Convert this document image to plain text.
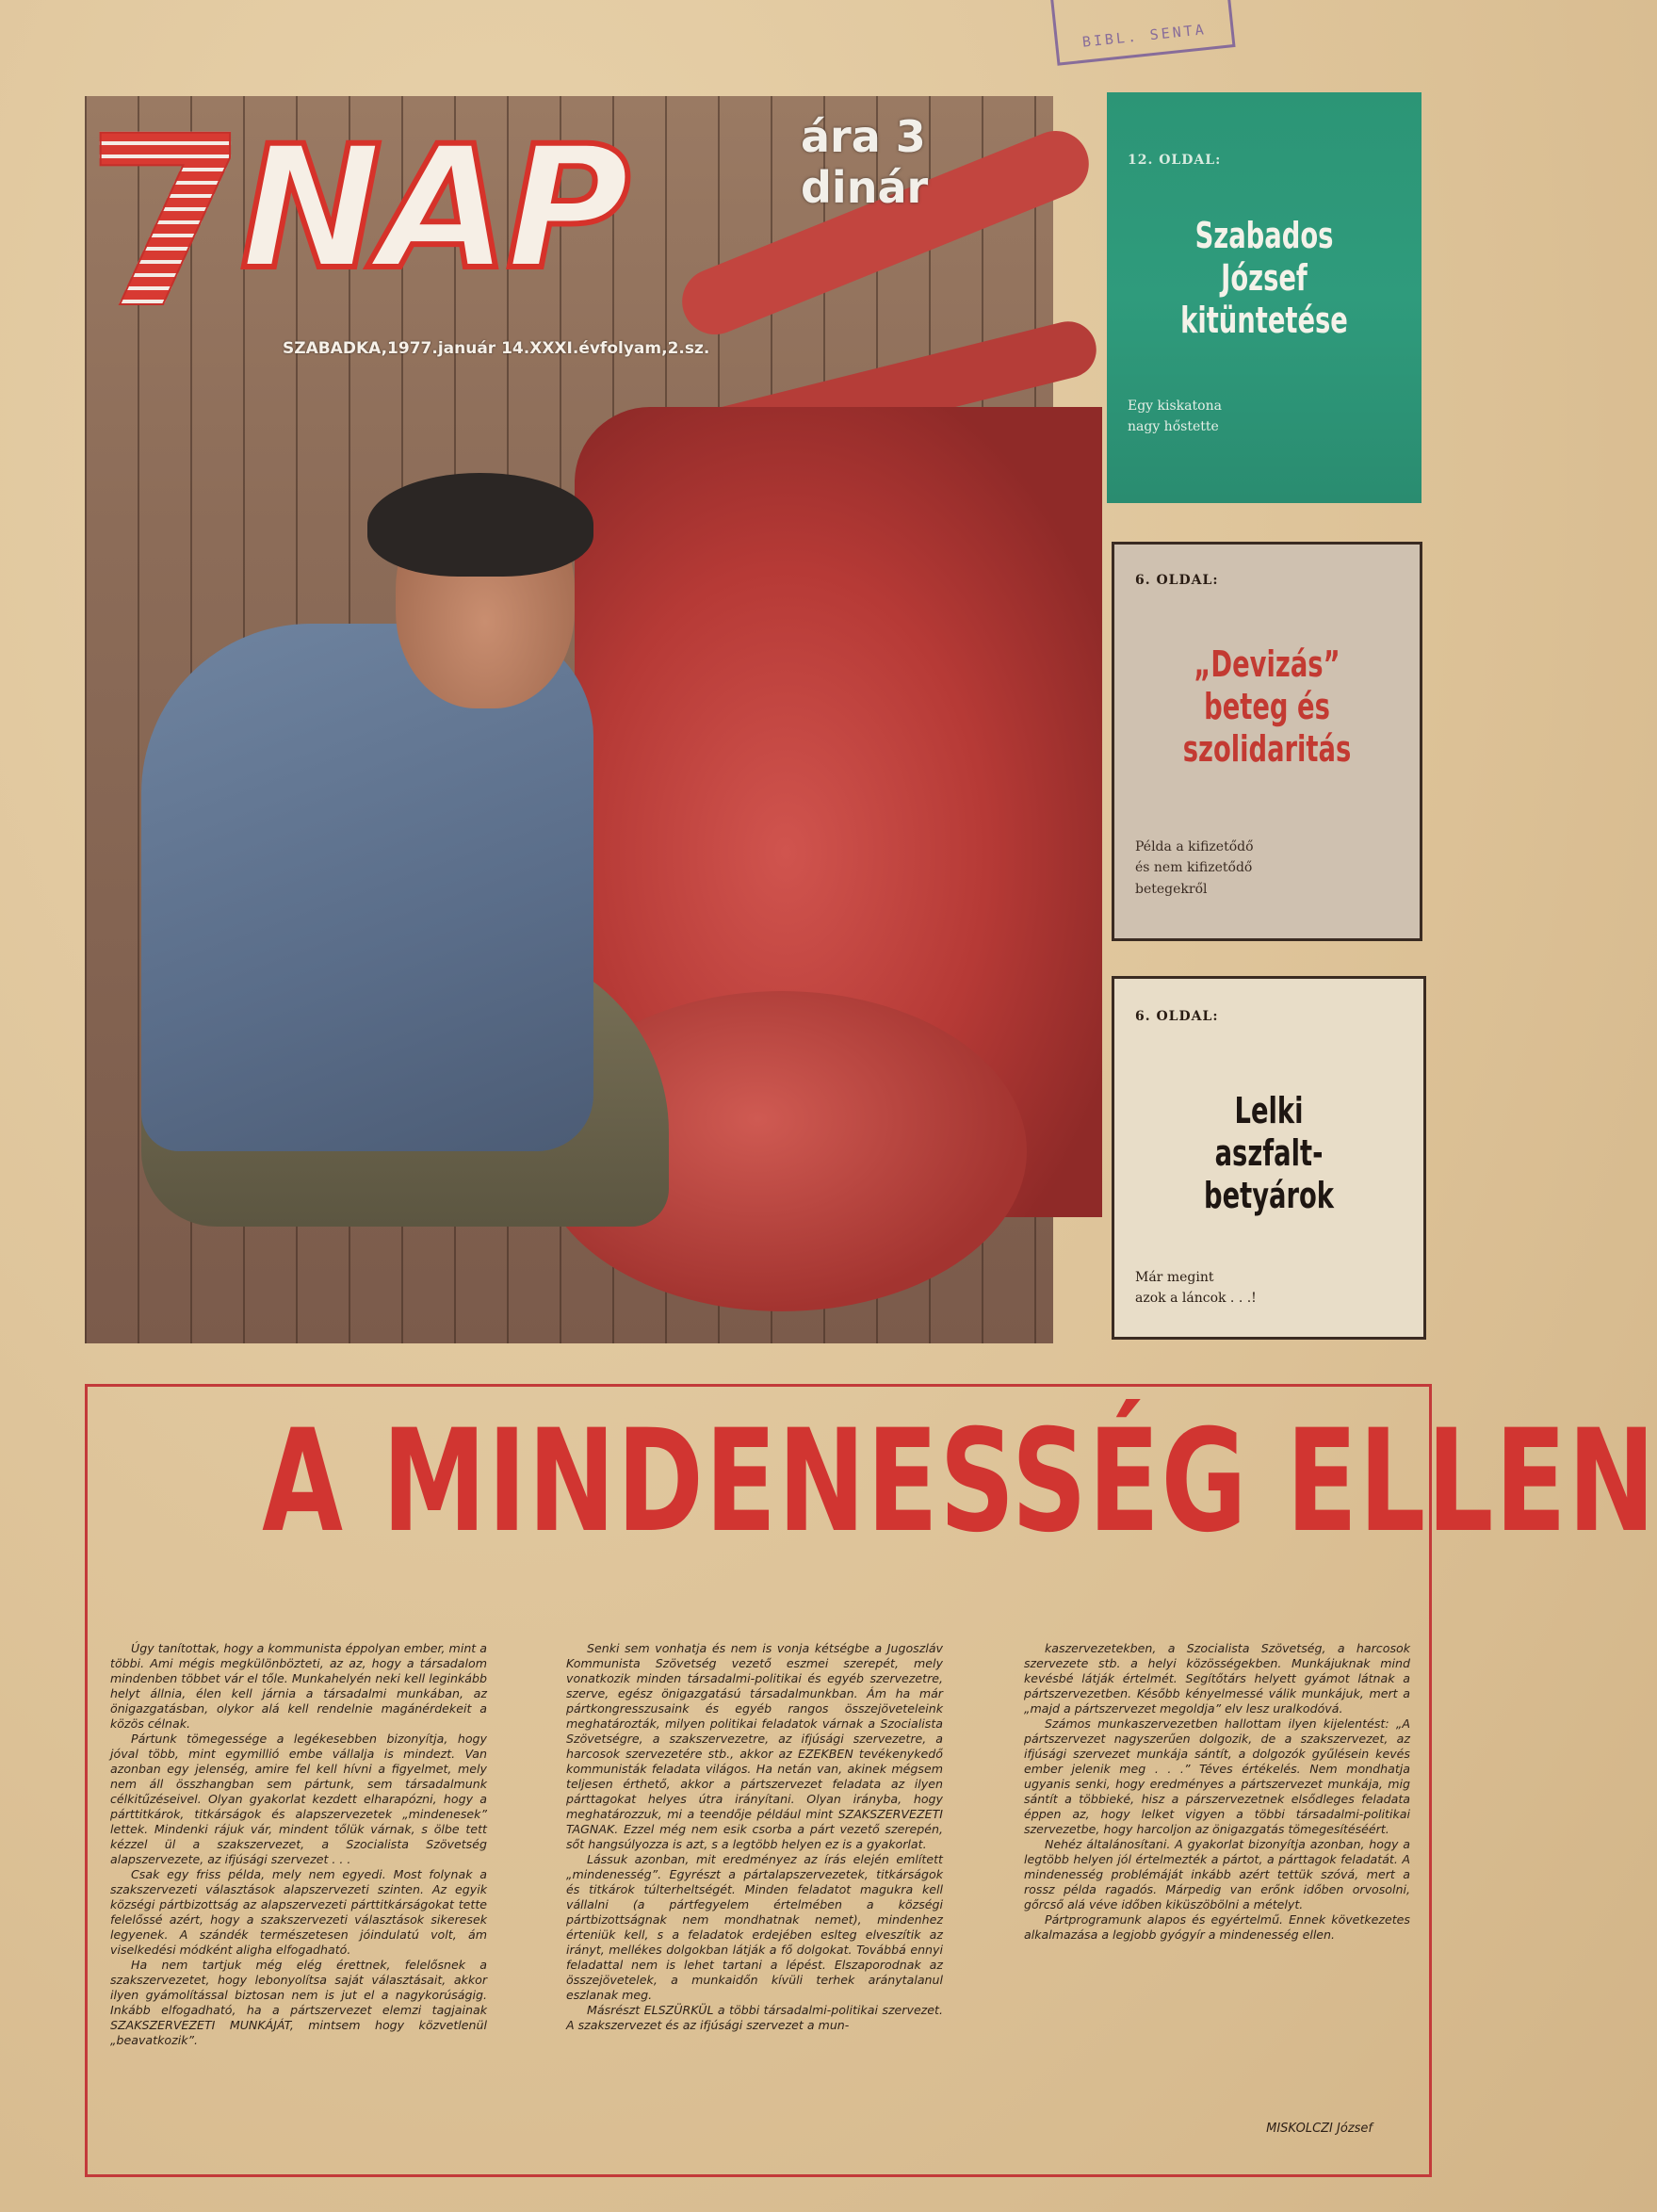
BIBL. SENTA
7
NAP	ára 3 dinár
SZABADKA,1977.január 14.XXXI.évfolyam,2.sz.
12. OLDAL:
Szabados
József
kitüntetése
Egy kiskatona
nagy hőstette
6. OLDAL:
„Devizás”
beteg és
szolidaritás
Példa a kifizetődő
és nem kifizetődő
betegekről
6. OLDAL:
Lelki
aszfalt-
betyárok
Már megint
azok a láncok . . .!
A MINDENESSÉG ELLEN

Úgy tanítottak, hogy a kommunista éppolyan ember, mint a többi. Ami mégis megkülönbözteti, az az, hogy a társadalom mindenben többet vár el tőle. Munkahelyén neki kell leginkább helyt állnia, élen kell járnia a társadalmi munkában, az önigazgatásban, olykor alá kell rendelnie magánérdekeit a közös célnak.

Pártunk tömegessége a legékesebben bizonyítja, hogy jóval több, mint egymillió embe vállalja is mindezt. Van azonban egy jelenség, amire fel kell hívni a figyelmet, mely nem áll összhangban sem pártunk, sem társadalmunk célkitűzéseivel. Olyan gyakorlat kezdett elharapózni, hogy a párttitkárok, titkárságok és alapszervezetek „mindenesek” lettek. Mindenki rájuk vár, mindent tőlük várnak, s ölbe tett kézzel ül a szakszervezet, a Szocialista Szövetség alapszervezete, az ifjúsági szervezet . . .

Csak egy friss példa, mely nem egyedi. Most folynak a szakszervezeti választások alapszervezeti szinten. Az egyik községi pártbizottság az alapszervezeti párttitkárságokat tette felelőssé azért, hogy a szakszervezeti választások sikeresek legyenek. A szándék természetesen jóindulatú volt, ám viselkedési módként aligha elfogadható.

Ha nem tartjuk még elég érettnek, felelősnek a szakszervezetet, hogy lebonyolítsa saját választásait, akkor ilyen gyámolítással biztosan nem is jut el a nagykorúságig. Inkább elfogadható, ha a pártszervezet elemzi tagjainak SZAKSZERVEZETI MUNKÁJÁT, mintsem hogy közvetlenül „beavatkozik”.

Senki sem vonhatja és nem is vonja kétségbe a Jugoszláv Kommunista Szövetség vezető eszmei szerepét, mely vonatkozik minden társadalmi-politikai és egyéb szervezetre, szerve, egész önigazgatású társadalmunkban. Ám ha már pártkongresszusaink és egyéb rangos összejöveteleink meghatározták, milyen politikai feladatok várnak a Szocialista Szövetségre, a szakszervezetre, az ifjúsági szervezetre, a harcosok szervezetére stb., akkor az EZEKBEN tevékenykedő kommunisták feladata világos. Ha netán van, akinek mégsem teljesen érthető, akkor a pártszervezet feladata az ilyen párttagokat helyes útra irányítani. Olyan irányba, hogy meghatározzuk, mi a teendője például mint SZAKSZERVEZETI TAGNAK. Ezzel még nem esik csorba a párt vezető szerepén, sőt hangsúlyozza is azt, s a legtöbb helyen ez is a gyakorlat.

Lássuk azonban, mit eredményez az írás elején említett „mindenesség”. Egyrészt a pártalapszervezetek, titkárságok és titkárok túlterheltségét. Minden feladatot magukra kell vállalni (a pártfegyelem értelmében a községi pártbizottságnak nem mondhatnak nemet), mindenhez érteniük kell, s a feladatok erdejében eslteg elveszítik az irányt, mellékes dolgokban látják a fő dolgokat. Továbbá ennyi feladattal nem is lehet tartani a lépést. Elszaporodnak az összejövetelek, a munkaidőn kívüli terhek aránytalanul eszlanak meg.

Másrészt ELSZÜRKÜL a többi társadalmi-politikai szervezet. A szakszervezet és az ifjúsági szervezet a mun-

kaszervezetekben, a Szocialista Szövetség, a harcosok szervezete stb. a helyi közösségekben. Munkájuknak mind kevésbé látják értelmét. Segítőtárs helyett gyámot látnak a pártszervezetben. Később kényelmessé válik munkájuk, mert a „majd a pártszervezet megoldja” elv lesz uralkodóvá.

Számos munkaszervezetben hallottam ilyen kijelentést: „A pártszervezet nagyszerűen dolgozik, de a szakszervezet, az ifjúsági szervezet munkája sántít, a dolgozók gyűlésein kevés ember jelenik meg . . .” Téves értékelés. Nem mondhatja ugyanis senki, hogy eredményes a pártszervezet munkája, mig sántít a többieké, hisz a párszervezetnek elsődleges feladata éppen az, hogy lelket vigyen a többi társadalmi-politikai szervezetbe, hogy harcoljon az önigazgatás tömegesítéséért.

Nehéz általánosítani. A gyakorlat bizonyítja azonban, hogy a legtöbb helyen jól értelmezték a pártot, a párttagok feladatát. A mindenesség problémáját inkább azért tettük szóvá, mert a rossz példa ragadós. Márpedig van erőnk időben orvosolni, gőrcső alá véve időben kiküszöbölni a mételyt.

Pártprogramunk alapos és egyértelmű. Ennek következetes alkalmazása a legjobb gyógyír a mindenesség ellen.

MISKOLCZI József
